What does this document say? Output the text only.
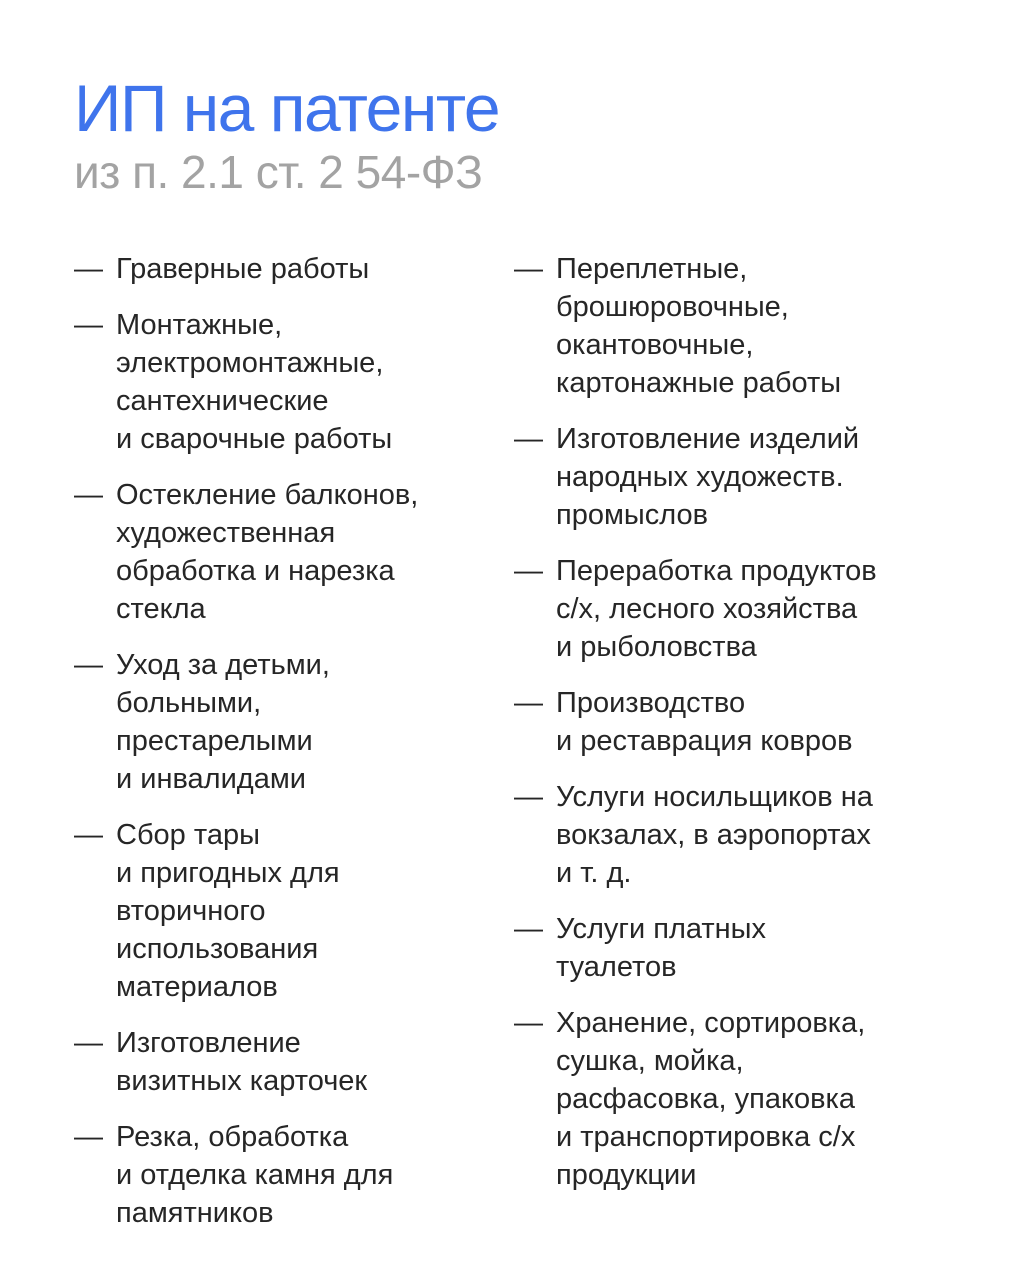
ИП на патенте
из п. 2.1 ст. 2 54-ФЗ
— Граверные работы
— Монтажные,
электромонтажные,
сантехнические
и сварочные работы
— Остекление балконов,
художественная
обработка и нарезка
стекла
— Уход за детьми,
больными,
престарелыми
и инвалидами
— Сбор тары
и пригодных для
вторичного
использования
материалов
— Изготовление
визитных карточек
— Резка, обработка
и отделка камня для
памятников
— Переплетные,
брошюровочные,
окантовочные,
картонажные работы
— Изготовление изделий
народных художеств.
промыслов
— Переработка продуктов
с/х, лесного хозяйства
и рыболовства
— Производство
и реставрация ковров
— Услуги носильщиков на
вокзалах, в аэропортах
и т. д.
— Услуги платных
туалетов
— Хранение, сортировка,
сушка, мойка,
расфасовка, упаковка
и транспортировка с/х
продукции
